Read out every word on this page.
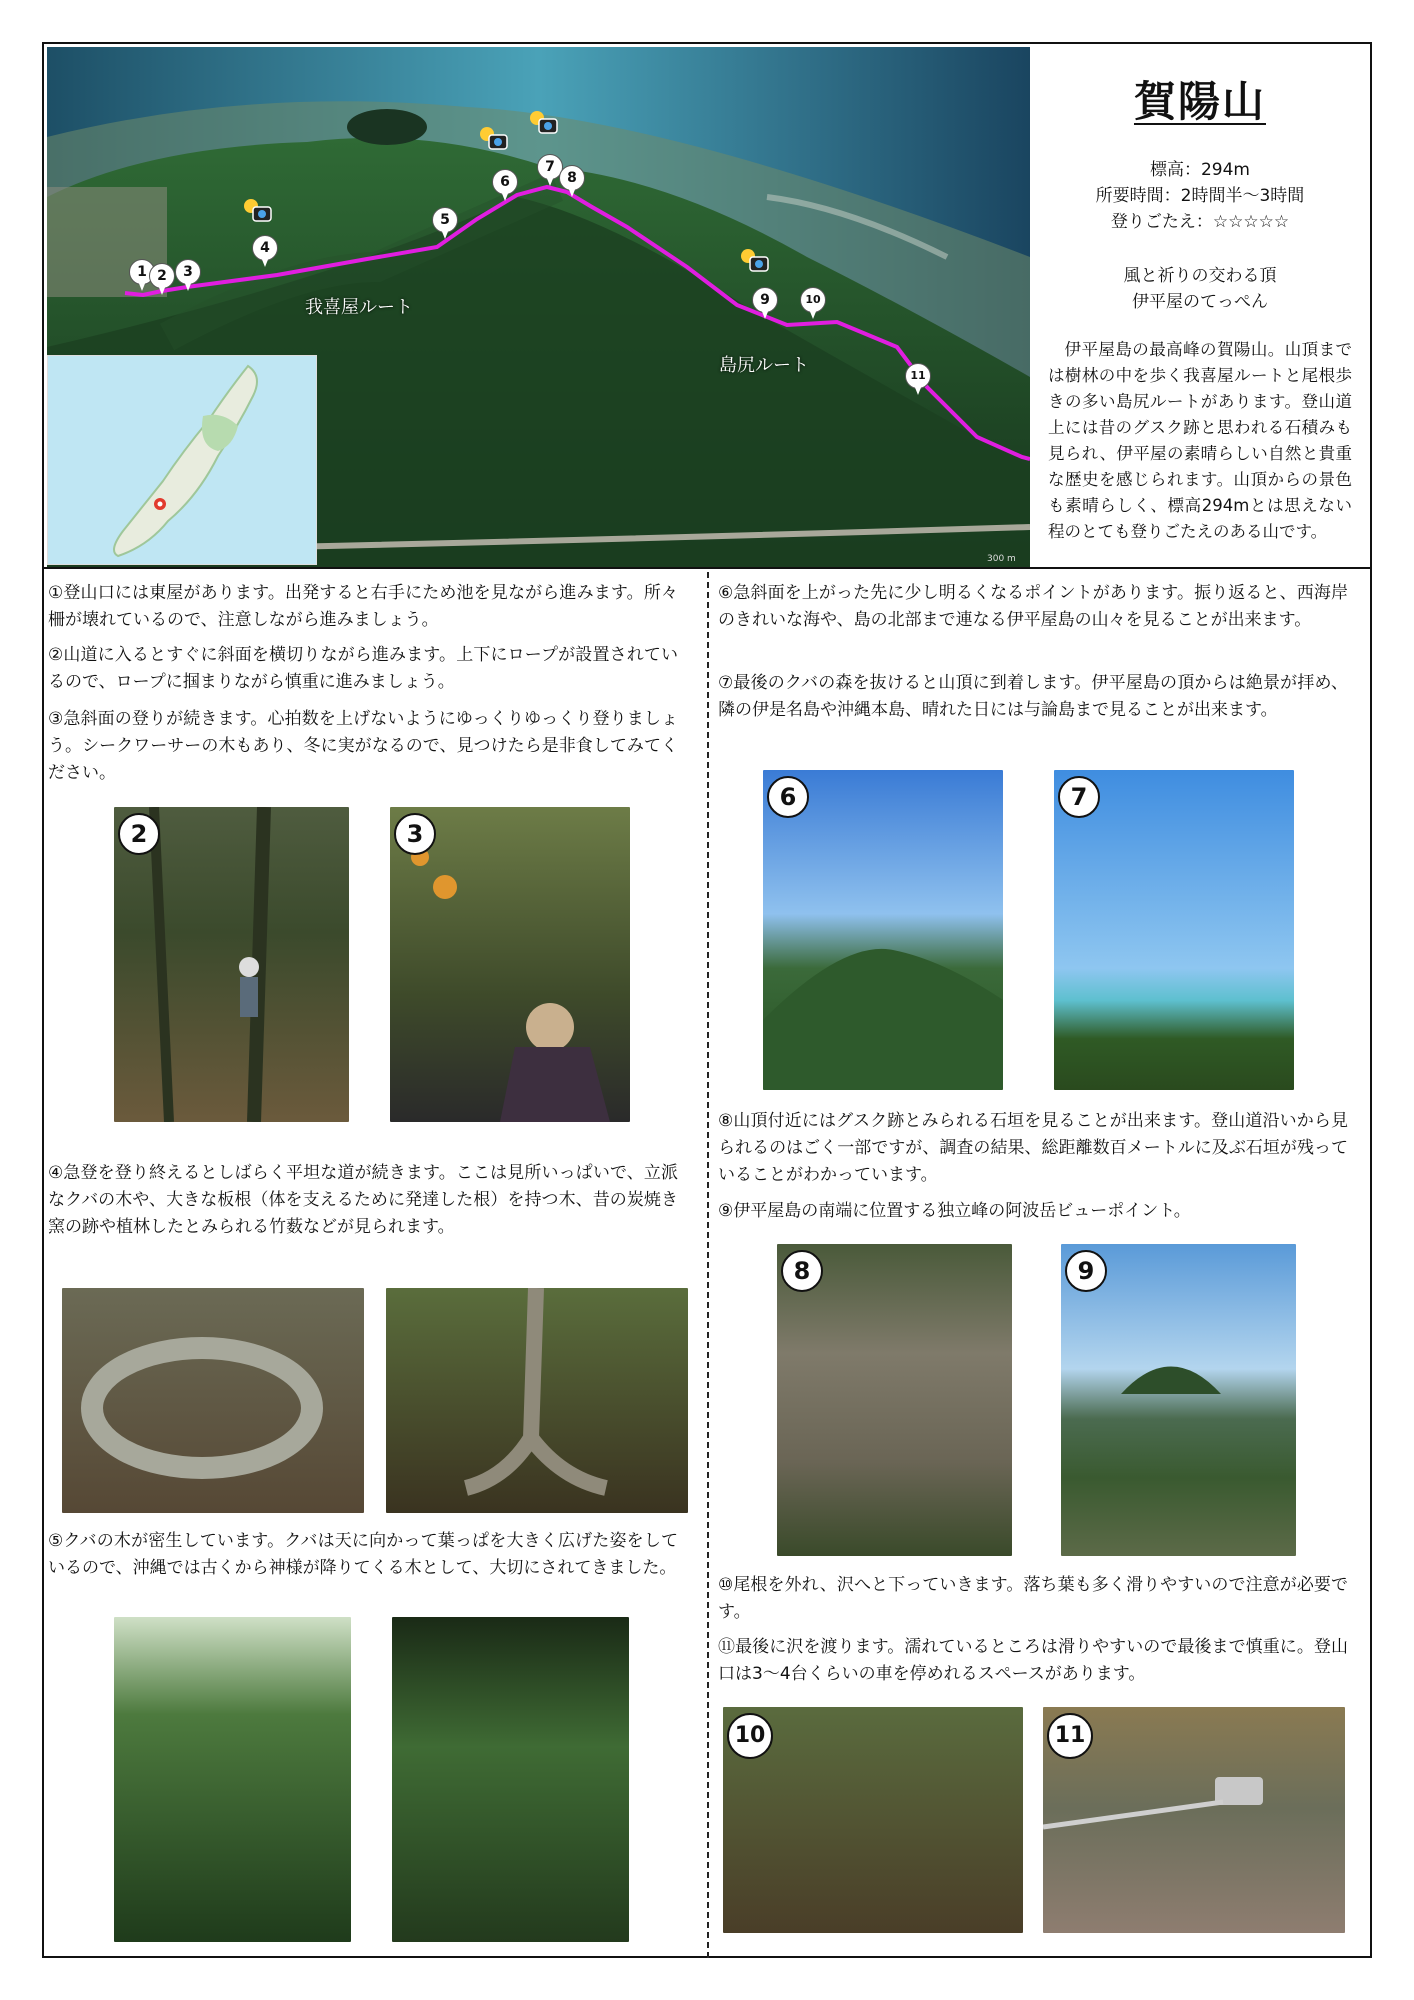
300 m
1 2	3
4
5
6
7
8
9	10
11
我喜屋ルート
島尻ルート
賀陽山
標高：294m
所要時間：2時間半〜3時間
登りごたえ：☆☆☆☆☆
風と祈りの交わる頂
伊平屋のてっぺん
伊平屋島の最高峰の賀陽山。山頂までは樹林の中を歩く我喜屋ルートと尾根歩きの多い島尻ルートがあります。登山道上には昔のグスク跡と思われる石積みも見られ、伊平屋の素晴らしい自然と貴重な歴史を感じられます。山頂からの景色も素晴らしく、標高294mとは思えない程のとても登りごたえのある山です。
①登山口には東屋があります。出発すると右手にため池を見ながら進みます。所々柵が壊れているので、注意しながら進みましょう。
②山道に入るとすぐに斜面を横切りながら進みます。上下にロープが設置されているので、ロープに掴まりながら慎重に進みましょう。
③急斜面の登りが続きます。心拍数を上げないようにゆっくりゆっくり登りましょう。シークワーサーの木もあり、冬に実がなるので、見つけたら是非食してみてください。
2	3
④急登を登り終えるとしばらく平坦な道が続きます。ここは見所いっぱいで、立派なクバの木や、大きな板根（体を支えるために発達した根）を持つ木、昔の炭焼き窯の跡や植林したとみられる竹薮などが見られます。
⑤クバの木が密生しています。クバは天に向かって葉っぱを大きく広げた姿をしているので、沖縄では古くから神様が降りてくる木として、大切にされてきました。
⑥急斜面を上がった先に少し明るくなるポイントがあります。振り返ると、西海岸のきれいな海や、島の北部まで連なる伊平屋島の山々を見ることが出来ます。
⑦最後のクバの森を抜けると山頂に到着します。伊平屋島の頂からは絶景が拝め、隣の伊是名島や沖縄本島、晴れた日には与論島まで見ることが出来ます。
6	7
⑧山頂付近にはグスク跡とみられる石垣を見ることが出来ます。登山道沿いから見られるのはごく一部ですが、調査の結果、総距離数百メートルに及ぶ石垣が残っていることがわかっています。
⑨伊平屋島の南端に位置する独立峰の阿波岳ビューポイント。
8	9
⑩尾根を外れ、沢へと下っていきます。落ち葉も多く滑りやすいので注意が必要です。
⑪最後に沢を渡ります。濡れているところは滑りやすいので最後まで慎重に。登山口は3〜4台くらいの車を停めれるスペースがあります。
10	11
